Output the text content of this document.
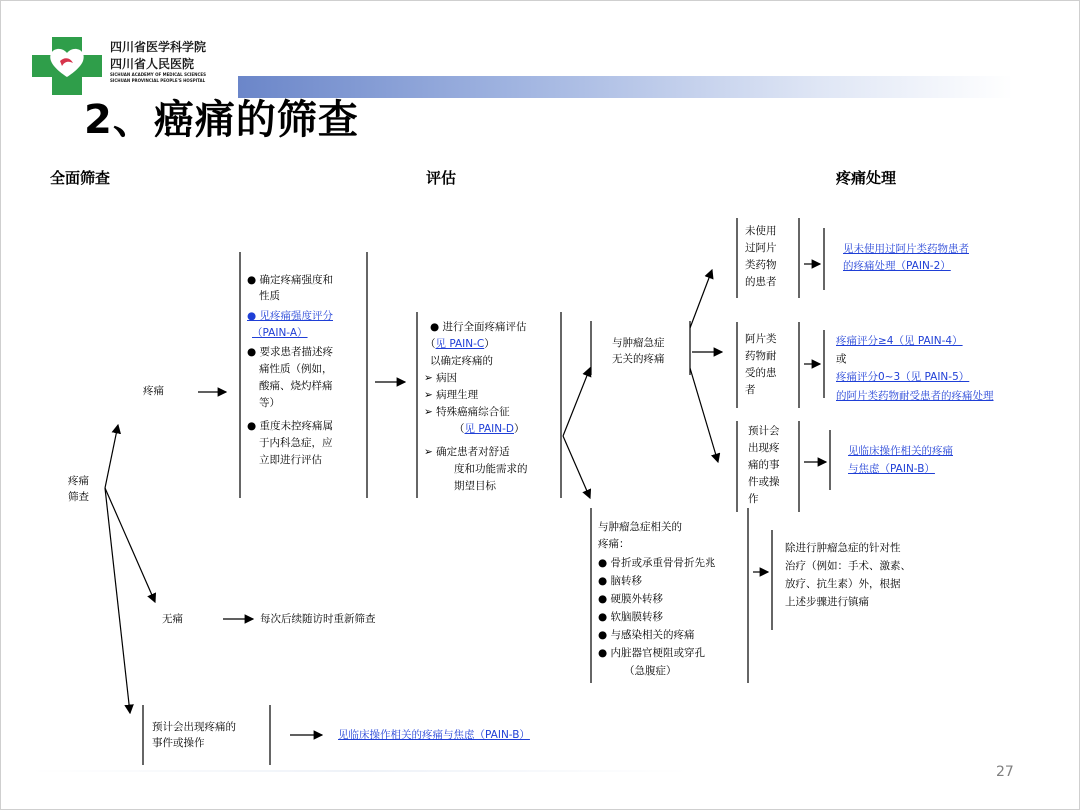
四川省医学科学院
四川省人民医院
SICHUAN ACADEMY OF MEDICAL SCIENCES
SICHUAN PROVINCIAL PEOPLE'S HOSPITAL
2、癌痛的筛查
全面筛查	评估	疼痛处理
疼痛
筛查
疼痛
无痛	每次后续随访时重新筛查
预计会出现疼痛的
事件或操作
见临床操作相关的疼痛与焦虑（PAIN-B）
● 确定疼痛强度和
性质
● 见疼痛强度评分
（PAIN-A）
● 要求患者描述疼
痛性质（例如，
酸痛、烧灼样痛
等）
● 重度未控疼痛属
于内科急症，应
立即进行评估
● 进行全面疼痛评估
（见 PAIN-C）
以确定疼痛的
➢ 病因
➢ 病理生理
➢ 特殊癌痛综合征
（见 PAIN-D）
➢ 确定患者对舒适
度和功能需求的
期望目标
与肿瘤急症
无关的疼痛
与肿瘤急症相关的
疼痛：
● 骨折或承重骨骨折先兆
● 脑转移
● 硬膜外转移
● 软脑膜转移
● 与感染相关的疼痛
● 内脏器官梗阻或穿孔
（急腹症）
未使用
过阿片
类药物
的患者
见未使用过阿片类药物患者
的疼痛处理（PAIN-2）
阿片类
药物耐
受的患
者
疼痛评分≥4（见 PAIN-4）
或
疼痛评分0~3（见 PAIN-5）
的阿片类药物耐受患者的疼痛处理
预计会
出现疼
痛的事
件或操
作
见临床操作相关的疼痛
与焦虑（PAIN-B）
除进行肿瘤急症的针对性
治疗（例如：手术、激素、
放疗、抗生素）外，根据
上述步骤进行镇痛
27
